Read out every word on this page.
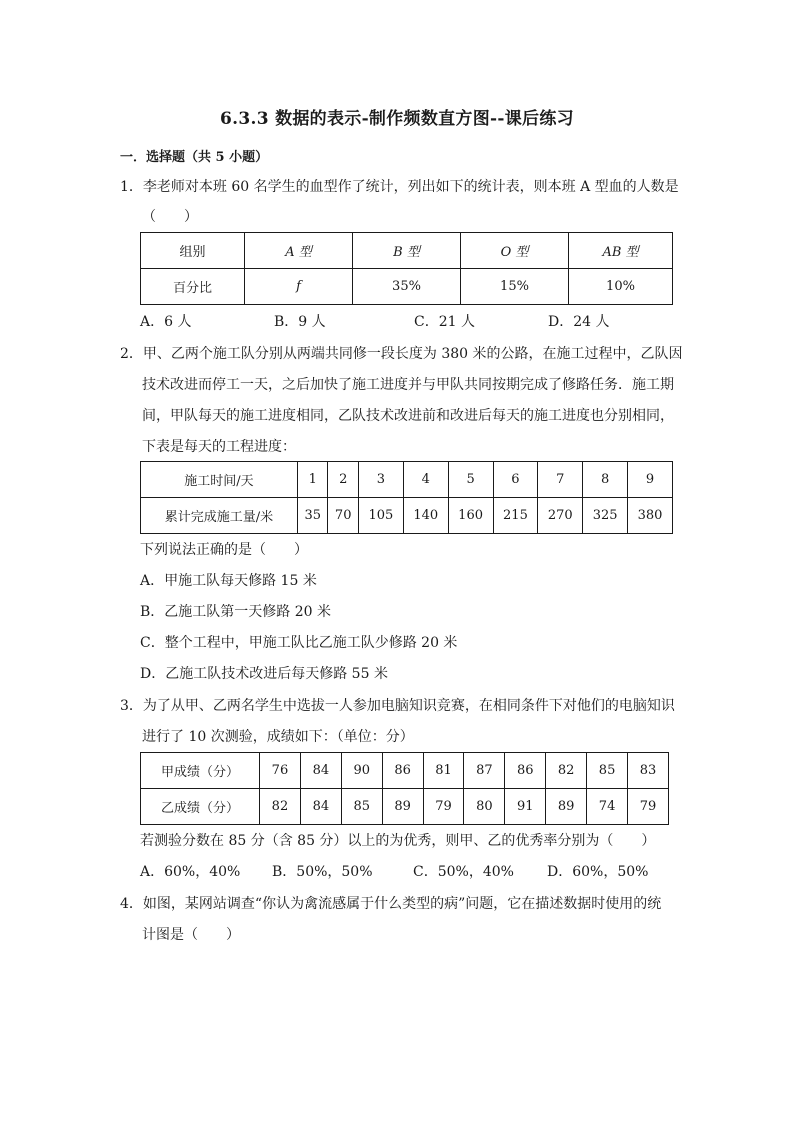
6.3.3 数据的表示-制作频数直方图--课后练习
一．选择题（共 5 小题）
1．李老师对本班 60 名学生的血型作了统计，列出如下的统计表，则本班 A 型血的人数是
（　　）
组别	A 型	B 型	O 型	AB 型
百分比	f	35%	15%	10%
A．6 人	B．9 人	C．21 人	D．24 人
2．甲、乙两个施工队分别从两端共同修一段长度为 380 米的公路，在施工过程中，乙队因
技术改进而停工一天，之后加快了施工进度并与甲队共同按期完成了修路任务．施工期
间，甲队每天的施工进度相同，乙队技术改进前和改进后每天的施工进度也分别相同，
下表是每天的工程进度：
施工时间/天	1	2	3	4	5	6	7	8	9
累计完成施工量/米	35	70	105	140	160	215	270	325	380
下列说法正确的是（　　）
A．甲施工队每天修路 15 米
B．乙施工队第一天修路 20 米
C．整个工程中，甲施工队比乙施工队少修路 20 米
D．乙施工队技术改进后每天修路 55 米
3．为了从甲、乙两名学生中选拔一人参加电脑知识竞赛，在相同条件下对他们的电脑知识
进行了 10 次测验，成绩如下：（单位：分）
甲成绩（分）	76	84	90	86	81	87	86	82	85	83
乙成绩（分）	82	84	85	89	79	80	91	89	74	79
若测验分数在 85 分（含 85 分）以上的为优秀，则甲、乙的优秀率分别为（　　）
A．60%，40% B．50%，50%	C．50%，40% D．60%，50%
4．如图，某网站调查“你认为禽流感属于什么类型的病”问题，它在描述数据时使用的统
计图是（　　）
